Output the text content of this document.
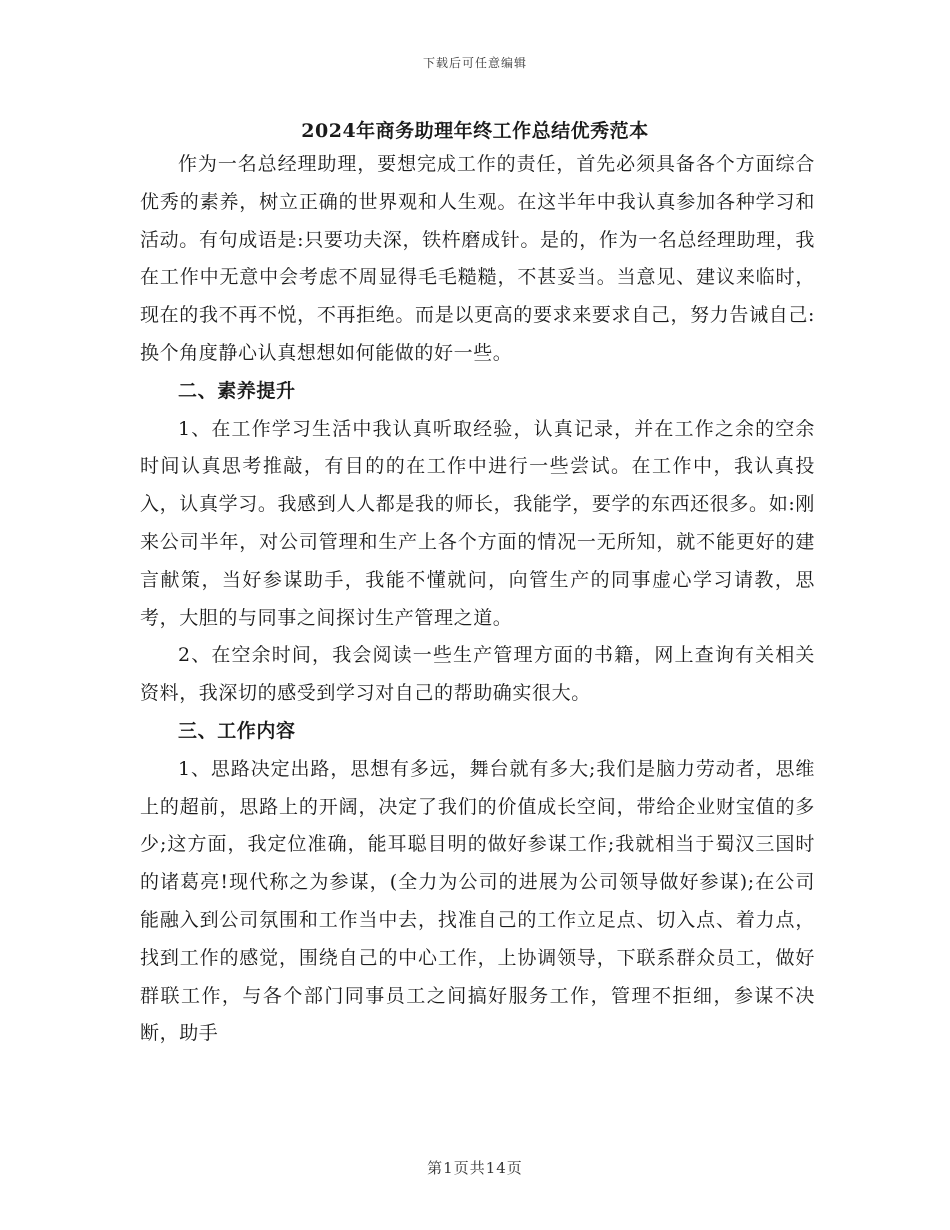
下载后可任意编辑
2024年商务助理年终工作总结优秀范本

作为一名总经理助理，要想完成工作的责任，首先必须具备各个方面综合优秀的素养，树立正确的世界观和人生观。在这半年中我认真参加各种学习和活动。有句成语是:只要功夫深，铁杵磨成针。是的，作为一名总经理助理，我在工作中无意中会考虑不周显得毛毛糙糙，不甚妥当。当意见、建议来临时，现在的我不再不悦，不再拒绝。而是以更高的要求来要求自己，努力告诫自己:换个角度静心认真想想如何能做的好一些。

二、素养提升

1、在工作学习生活中我认真听取经验，认真记录，并在工作之余的空余时间认真思考推敲，有目的的在工作中进行一些尝试。在工作中，我认真投入，认真学习。我感到人人都是我的师长，我能学，要学的东西还很多。如:刚来公司半年，对公司管理和生产上各个方面的情况一无所知，就不能更好的建言献策，当好参谋助手，我能不懂就问，向管生产的同事虚心学习请教，思考，大胆的与同事之间探讨生产管理之道。

2、在空余时间，我会阅读一些生产管理方面的书籍，网上查询有关相关资料，我深切的感受到学习对自己的帮助确实很大。

三、工作内容

1、思路决定出路，思想有多远，舞台就有多大;我们是脑力劳动者，思维上的超前，思路上的开阔，决定了我们的价值成长空间，带给企业财宝值的多少;这方面，我定位准确，能耳聪目明的做好参谋工作;我就相当于蜀汉三国时的诸葛亮!现代称之为参谋，(全力为公司的进展为公司领导做好参谋);在公司能融入到公司氛围和工作当中去，找准自己的工作立足点、切入点、着力点，找到工作的感觉，围绕自己的中心工作，上协调领导，下联系群众员工，做好群联工作，与各个部门同事员工之间搞好服务工作，管理不拒细，参谋不决断，助手

第1页共14页
